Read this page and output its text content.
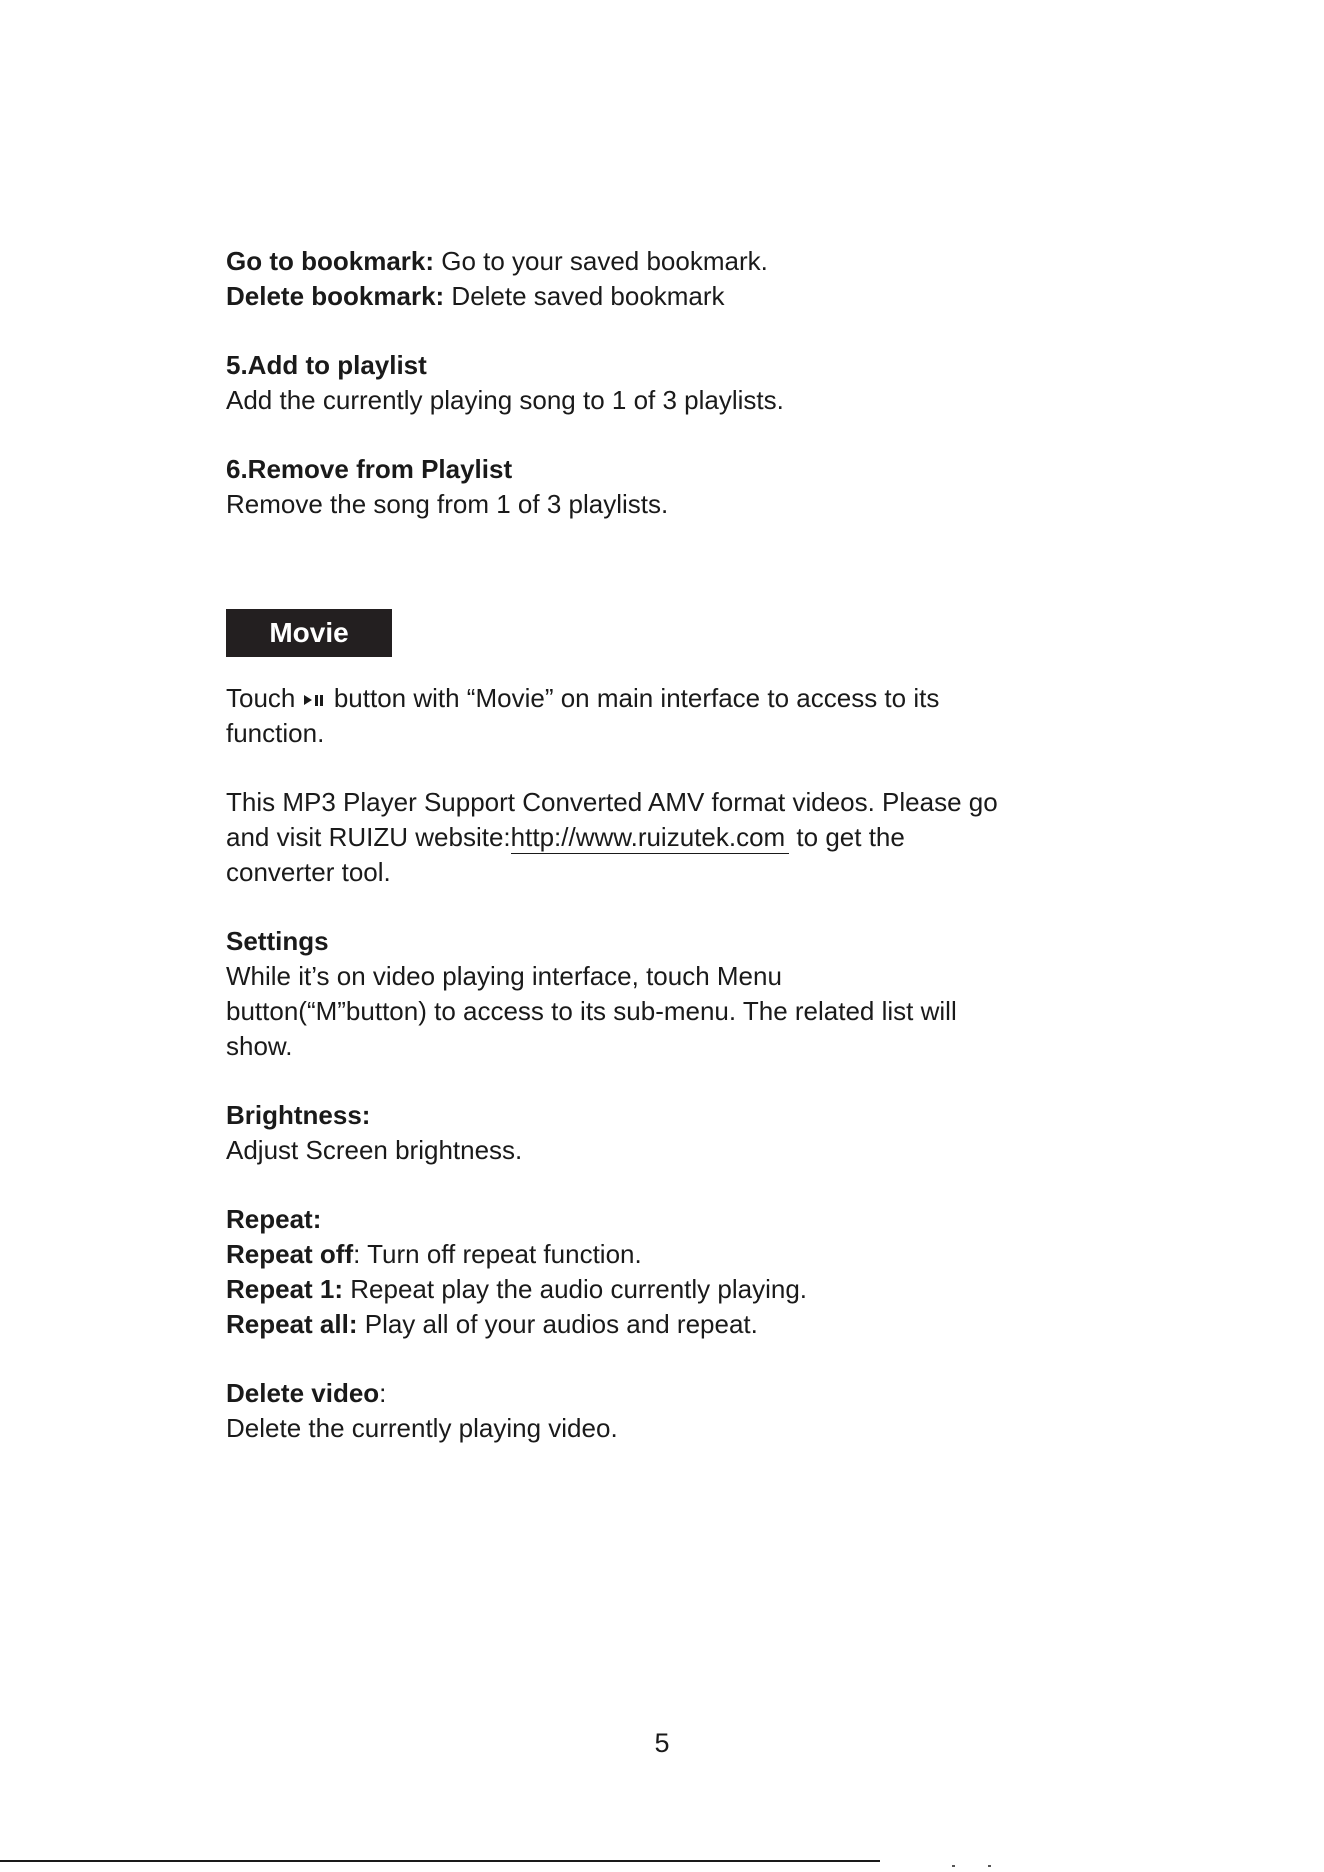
Go to bookmark: Go to your saved bookmark.
Delete bookmark: Delete saved bookmark
5.Add to playlist
Add the currently playing song to 1 of 3 playlists.
6.Remove from Playlist
Remove the song from 1 of 3 playlists.
Movie
Touch  button with “Movie” on main interface to access to its
function.
This MP3 Player Support Converted AMV format videos. Please go
and visit RUIZU website:http://www.ruizutek.com to get the
converter tool.
Settings
While it’s on video playing interface, touch Menu
button(“M”button) to access to its sub-menu. The related list will
show.
Brightness:
Adjust Screen brightness.
Repeat:
Repeat off: Turn off repeat function.
Repeat 1: Repeat play the audio currently playing.
Repeat all: Play all of your audios and repeat.
Delete video:
Delete the currently playing video.
5
